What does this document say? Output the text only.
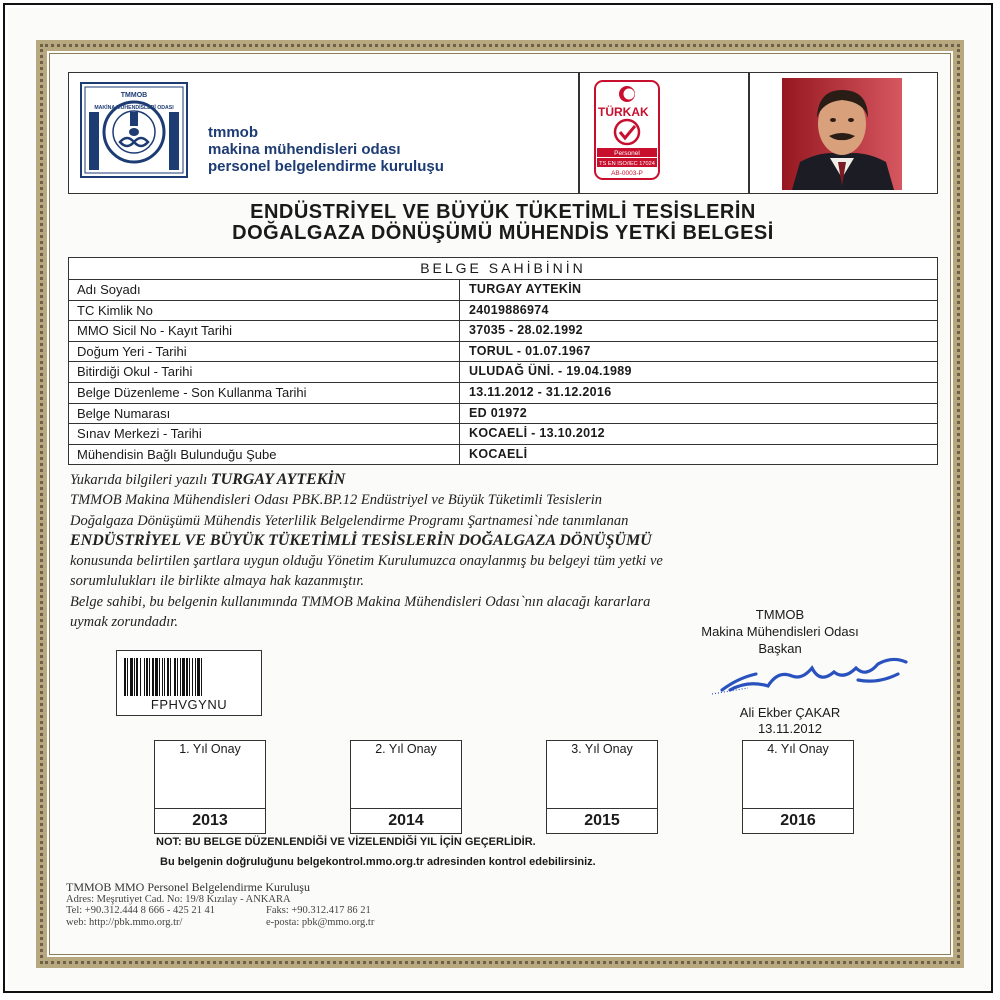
TMMOB
MAKİNA MÜHENDİSLERİ ODASI
tmmob
makina mühendisleri odası
personel belgelendirme kuruluşu
TÜRKAK
Personel
TS EN ISO/IEC 17024
AB-0003-P
ENDÜSTRİYEL VE BÜYÜK TÜKETİMLİ TESİSLERİN
DOĞALGAZA DÖNÜŞÜMÜ MÜHENDİS YETKİ BELGESİ
BELGE SAHİBİNİN
Adı Soyadı	TURGAY AYTEKİN
TC Kimlik No	24019886974
MMO Sicil No - Kayıt Tarihi	37035 - 28.02.1992
Doğum Yeri - Tarihi	TORUL - 01.07.1967
Bitirdiği Okul - Tarihi	ULUDAĞ ÜNİ. - 19.04.1989
Belge Düzenleme - Son Kullanma Tarihi	13.11.2012 - 31.12.2016
Belge Numarası	ED 01972
Sınav Merkezi - Tarihi	KOCAELİ - 13.10.2012
Mühendisin Bağlı Bulunduğu Şube	KOCAELİ
Yukarıda bilgileri yazılı TURGAY AYTEKİN
TMMOB Makina Mühendisleri Odası PBK.BP.12 Endüstriyel ve Büyük Tüketimli Tesislerin
Doğalgaza Dönüşümü Mühendis Yeterlilik Belgelendirme Programı Şartnamesi`nde tanımlanan
ENDÜSTRİYEL VE BÜYÜK TÜKETİMLİ TESİSLERİN DOĞALGAZA DÖNÜŞÜMÜ
konusunda belirtilen şartlara uygun olduğu Yönetim Kurulumuzca onaylanmış bu belgeyi tüm yetki ve
sorumlulukları ile birlikte almaya hak kazanmıştır.
Belge sahibi, bu belgenin kullanımında TMMOB Makina Mühendisleri Odası`nın alacağı kararlara
uymak zorundadır.	TMMOB
Makina Mühendisleri Odası
Başkan
Ali Ekber ÇAKAR
13.11.2012
FPHVGYNU
1. Yıl Onay
2013
2. Yıl Onay
2014
3. Yıl Onay
2015
4. Yıl Onay
2016
NOT: BU BELGE DÜZENLENDİĞİ VE VİZELENDİĞİ YIL İÇİN GEÇERLİDİR.
Bu belgenin doğruluğunu belgekontrol.mmo.org.tr adresinden kontrol edebilirsiniz.
TMMOB MMO Personel Belgelendirme Kuruluşu
Adres: Meşrutiyet Cad. No: 19/8 Kızılay - ANKARA
Tel: +90.312.444 8 666 - 425 21 41	Faks: +90.312.417 86 21
web: http://pbk.mmo.org.tr/	e-posta: pbk@mmo.org.tr
